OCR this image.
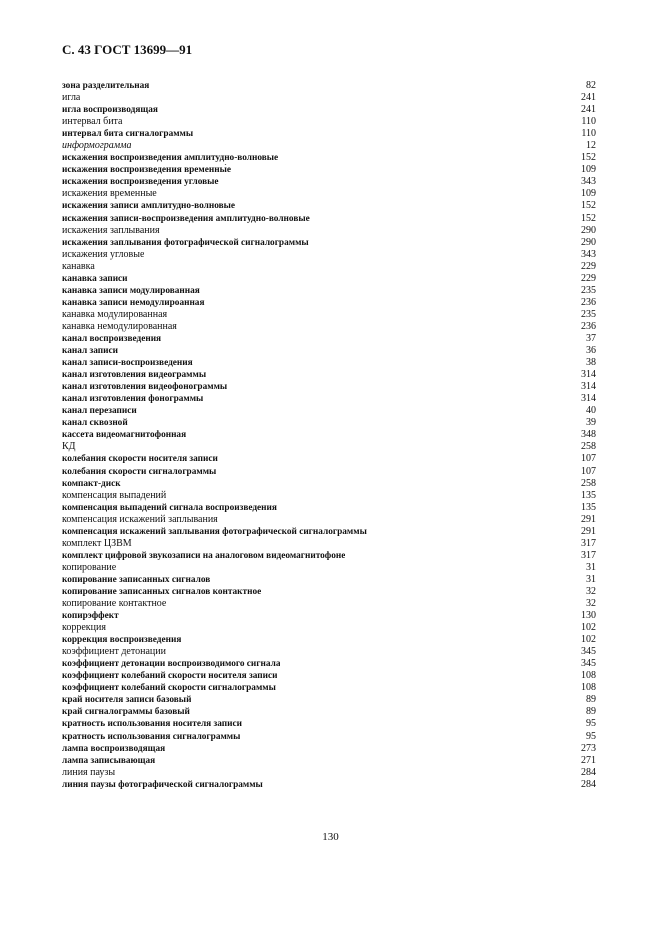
С. 43 ГОСТ 13699—91
зона разделительная	82
игла	241
игла воспроизводящая	241
интервал бита	110
интервал бита сигналограммы	110
информограмма	12
искажения воспроизведения амплитудно-волновые	152
искажения воспроизведения временны́е	109
искажения воспроизведения угловые	343
искажения временны́е	109
искажения записи амплитудно-волновые	152
искажения записи-воспроизведения амплитудно-волновые	152
искажения заплывания	290
искажения заплывания фотографической сигналограммы	290
искажения угловые	343
канавка	229
канавка записи	229
канавка записи модулированная	235
канавка записи немодулироанная	236
канавка модулированная	235
канавка немодулированная	236
канал воспроизведения	37
канал записи	36
канал записи-воспроизведения	38
канал изготовления видеограммы	314
канал изготовления видеофонограммы	314
канал изготовления фонограммы	314
канал перезаписи	40
канал сквозной	39
кассета видеомагнитофонная	348
КД	258
колебания скорости носителя записи	107
колебания скорости сигналограммы	107
компакт-диск	258
компенсация выпадений	135
компенсация выпадений сигнала воспроизведения	135
компенсация искажений заплывания	291
компенсация искажений заплывания фотографической сигналограммы	291
комплект ЦЗВМ	317
комплект цифровой звукозаписи на аналоговом видеомагнитофоне	317
копирование	31
копирование записанных сигналов	31
копирование записанных сигналов контактное	32
копирование контактное	32
копирэффект	130
коррекция	102
коррекция воспроизведения	102
коэффициент детонации	345
коэффициент детонации воспроизводимого сигнала	345
коэффициент колебаний скорости носителя записи	108
коэффициент колебаний скорости сигналограммы	108
край носителя записи базовый	89
край сигналограммы базовый	89
кратность использования носителя записи	95
кратность использования сигналограммы	95
лампа воспроизводящая	273
лампа записывающая	271
линия паузы	284
линия паузы фотографической сигналограммы	284
130
